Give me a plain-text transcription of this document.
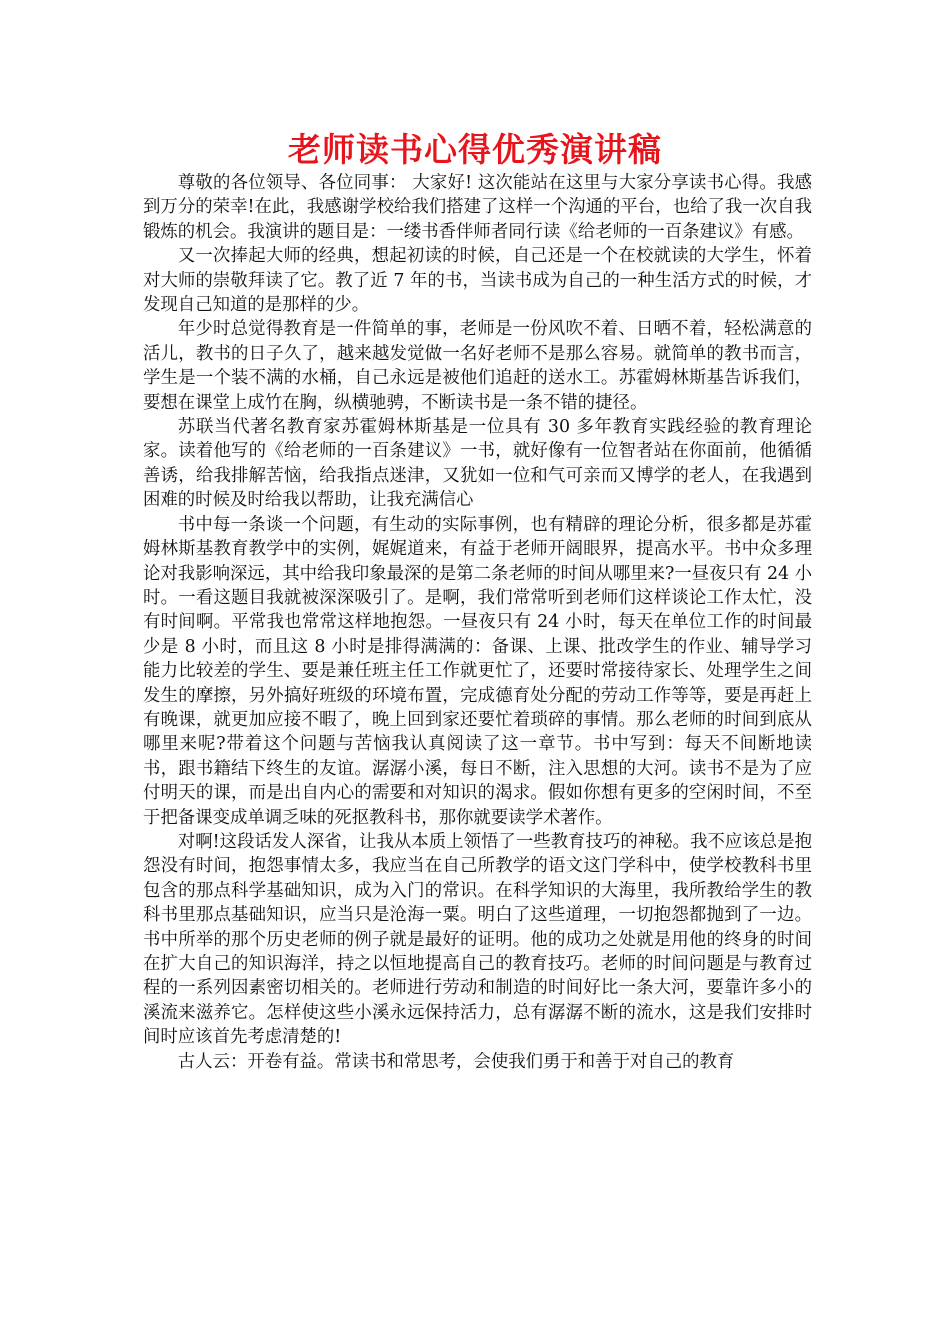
老师读书心得优秀演讲稿

尊敬的各位领导、各位同事： 大家好! 这次能站在这里与大家分享读书心得。我感到万分的荣幸!在此，我感谢学校给我们搭建了这样一个沟通的平台，也给了我一次自我锻炼的机会。我演讲的题目是：一缕书香伴师者同行读《给老师的一百条建议》有感。

又一次捧起大师的经典，想起初读的时候，自己还是一个在校就读的大学生，怀着对大师的崇敬拜读了它。教了近 7 年的书，当读书成为自己的一种生活方式的时候，才发现自己知道的是那样的少。

年少时总觉得教育是一件简单的事，老师是一份风吹不着、日晒不着，轻松满意的活儿，教书的日子久了，越来越发觉做一名好老师不是那么容易。就简单的教书而言，学生是一个装不满的水桶，自己永远是被他们追赶的送水工。苏霍姆林斯基告诉我们，要想在课堂上成竹在胸，纵横驰骋，不断读书是一条不错的捷径。

苏联当代著名教育家苏霍姆林斯基是一位具有 30 多年教育实践经验的教育理论家。读着他写的《给老师的一百条建议》一书，就好像有一位智者站在你面前，他循循善诱，给我排解苦恼，给我指点迷津，又犹如一位和气可亲而又博学的老人，在我遇到困难的时候及时给我以帮助，让我充满信心

书中每一条谈一个问题，有生动的实际事例，也有精辟的理论分析，很多都是苏霍姆林斯基教育教学中的实例，娓娓道来，有益于老师开阔眼界，提高水平。书中众多理论对我影响深远，其中给我印象最深的是第二条老师的时间从哪里来?一昼夜只有 24 小时。一看这题目我就被深深吸引了。是啊，我们常常听到老师们这样谈论工作太忙，没有时间啊。平常我也常常这样地抱怨。一昼夜只有 24 小时，每天在单位工作的时间最少是 8 小时，而且这 8 小时是排得满满的：备课、上课、批改学生的作业、辅导学习能力比较差的学生、要是兼任班主任工作就更忙了，还要时常接待家长、处理学生之间发生的摩擦，另外搞好班级的环境布置，完成德育处分配的劳动工作等等，要是再赶上有晚课，就更加应接不暇了，晚上回到家还要忙着琐碎的事情。那么老师的时间到底从哪里来呢?带着这个问题与苦恼我认真阅读了这一章节。书中写到：每天不间断地读书，跟书籍结下终生的友谊。潺潺小溪，每日不断，注入思想的大河。读书不是为了应付明天的课，而是出自内心的需要和对知识的渴求。假如你想有更多的空闲时间，不至于把备课变成单调乏味的死抠教科书，那你就要读学术著作。

对啊!这段话发人深省，让我从本质上领悟了一些教育技巧的神秘。我不应该总是抱怨没有时间，抱怨事情太多，我应当在自己所教学的语文这门学科中，使学校教科书里包含的那点科学基础知识，成为入门的常识。在科学知识的大海里，我所教给学生的教科书里那点基础知识，应当只是沧海一粟。明白了这些道理，一切抱怨都抛到了一边。书中所举的那个历史老师的例子就是最好的证明。他的成功之处就是用他的终身的时间在扩大自己的知识海洋，持之以恒地提高自己的教育技巧。老师的时间问题是与教育过程的一系列因素密切相关的。老师进行劳动和制造的时间好比一条大河，要靠许多小的溪流来滋养它。怎样使这些小溪永远保持活力，总有潺潺不断的流水，这是我们安排时间时应该首先考虑清楚的!

古人云：开卷有益。常读书和常思考，会使我们勇于和善于对自己的教育
